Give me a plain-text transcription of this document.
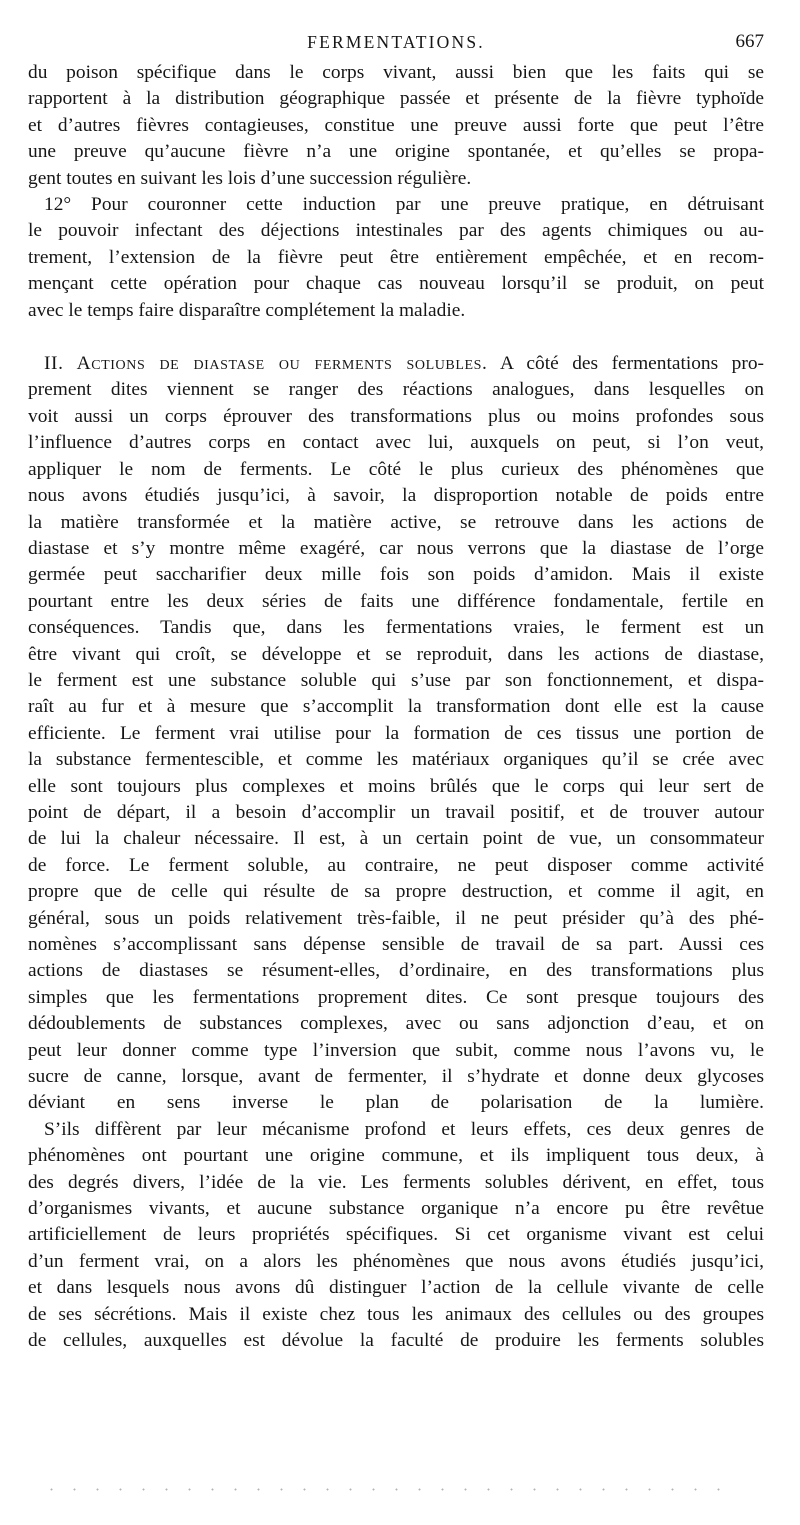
FERMENTATIONS.	667

du poison spécifique dans le corps vivant, aussi bien que les faits qui se
rapportent à la distribution géographique passée et présente de la fièvre typhoïde
et d’autres fièvres contagieuses, constitue une preuve aussi forte que peut l’être
une preuve qu’aucune fièvre n’a une origine spontanée, et qu’elles se propa-
gent toutes en suivant les lois d’une succession régulière.

12° Pour couronner cette induction par une preuve pratique, en détruisant
le pouvoir infectant des déjections intestinales par des agents chimiques ou au-
trement, l’extension de la fièvre peut être entièrement empêchée, et en recom-
mençant cette opération pour chaque cas nouveau lorsqu’il se produit, on peut
avec le temps faire disparaître complétement la maladie.

II. Actions de diastase ou ferments solubles. A côté des fermentations pro-
prement dites viennent se ranger des réactions analogues, dans lesquelles on
voit aussi un corps éprouver des transformations plus ou moins profondes sous
l’influence d’autres corps en contact avec lui, auxquels on peut, si l’on veut,
appliquer le nom de ferments. Le côté le plus curieux des phénomènes que
nous avons étudiés jusqu’ici, à savoir, la disproportion notable de poids entre
la matière transformée et la matière active, se retrouve dans les actions de
diastase et s’y montre même exagéré, car nous verrons que la diastase de l’orge
germée peut saccharifier deux mille fois son poids d’amidon. Mais il existe
pourtant entre les deux séries de faits une différence fondamentale, fertile en
conséquences. Tandis que, dans les fermentations vraies, le ferment est un
être vivant qui croît, se développe et se reproduit, dans les actions de diastase,
le ferment est une substance soluble qui s’use par son fonctionnement, et dispa-
raît au fur et à mesure que s’accomplit la transformation dont elle est la cause
efficiente. Le ferment vrai utilise pour la formation de ces tissus une portion de
la substance fermentescible, et comme les matériaux organiques qu’il se crée avec
elle sont toujours plus complexes et moins brûlés que le corps qui leur sert de
point de départ, il a besoin d’accomplir un travail positif, et de trouver autour
de lui la chaleur nécessaire. Il est, à un certain point de vue, un consommateur
de force. Le ferment soluble, au contraire, ne peut disposer comme activité
propre que de celle qui résulte de sa propre destruction, et comme il agit, en
général, sous un poids relativement très-faible, il ne peut présider qu’à des phé-
nomènes s’accomplissant sans dépense sensible de travail de sa part. Aussi ces
actions de diastases se résument-elles, d’ordinaire, en des transformations plus
simples que les fermentations proprement dites. Ce sont presque toujours des
dédoublements de substances complexes, avec ou sans adjonction d’eau, et on
peut leur donner comme type l’inversion que subit, comme nous l’avons vu, le
sucre de canne, lorsque, avant de fermenter, il s’hydrate et donne deux glycoses
déviant en sens inverse le plan de polarisation de la lumière.

S’ils diffèrent par leur mécanisme profond et leurs effets, ces deux genres de
phénomènes ont pourtant une origine commune, et ils impliquent tous deux, à
des degrés divers, l’idée de la vie. Les ferments solubles dérivent, en effet, tous
d’organismes vivants, et aucune substance organique n’a encore pu être revêtue
artificiellement de leurs propriétés spécifiques. Si cet organisme vivant est celui
d’un ferment vrai, on a alors les phénomènes que nous avons étudiés jusqu’ici,
et dans lesquels nous avons dû distinguer l’action de la cellule vivante de celle
de ses sécrétions. Mais il existe chez tous les animaux des cellules ou des groupes
de cellules, auxquelles est dévolue la faculté de produire les ferments solubles
